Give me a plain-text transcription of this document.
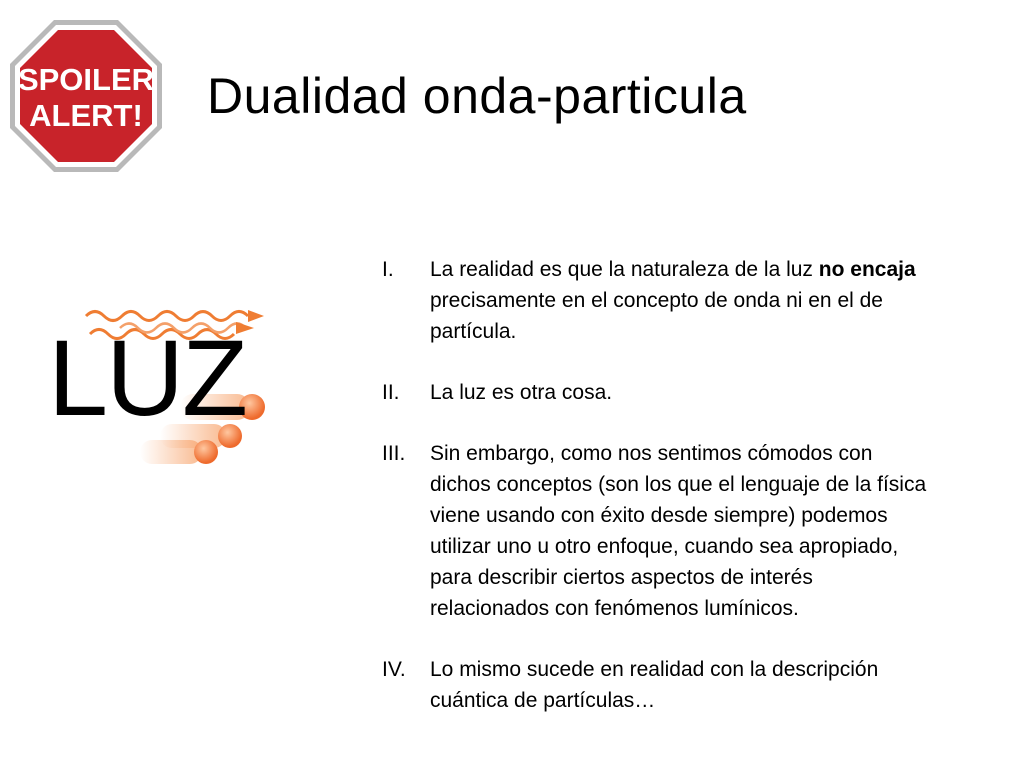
SPOILER
ALERT! Dualidad onda-particula
LUZ
I.	La realidad es que la naturaleza de la luz no encaja precisamente en el concepto de onda ni en el de partícula.
II.	La luz es otra cosa.
III.	Sin embargo, como nos sentimos cómodos con dichos conceptos (son los que el lenguaje de la física viene usando con éxito desde siempre) podemos utilizar uno u otro enfoque, cuando sea apropiado, para describir ciertos aspectos de interés relacionados con fenómenos lumínicos.
IV.	Lo mismo sucede en realidad con la descripción cuántica de partículas…
